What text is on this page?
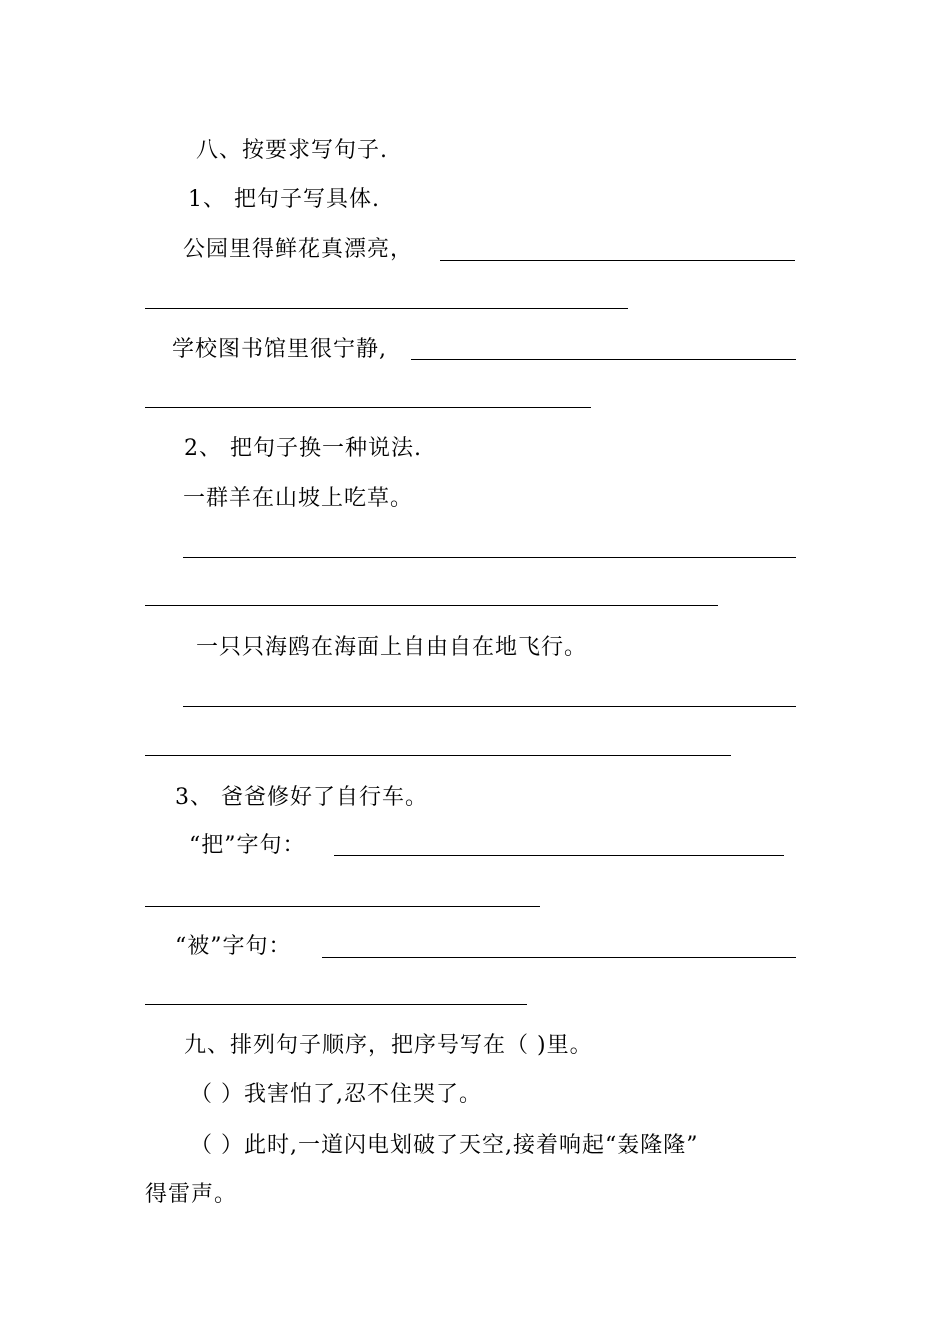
八、按要求写句子.
1、 把句子写具体.
公园里得鲜花真漂亮，
学校图书馆里很宁静,
2、 把句子换一种说法.
一群羊在山坡上吃草。
一只只海鸥在海面上自由自在地飞行。
3、 爸爸修好了自行车。
“把”字句：
“被”字句：
九、排列句子顺序，把序号写在（ )里。
（ ）我害怕了,忍不住哭了。
（ ）此时,一道闪电划破了天空,接着响起“轰隆隆”
得雷声。
